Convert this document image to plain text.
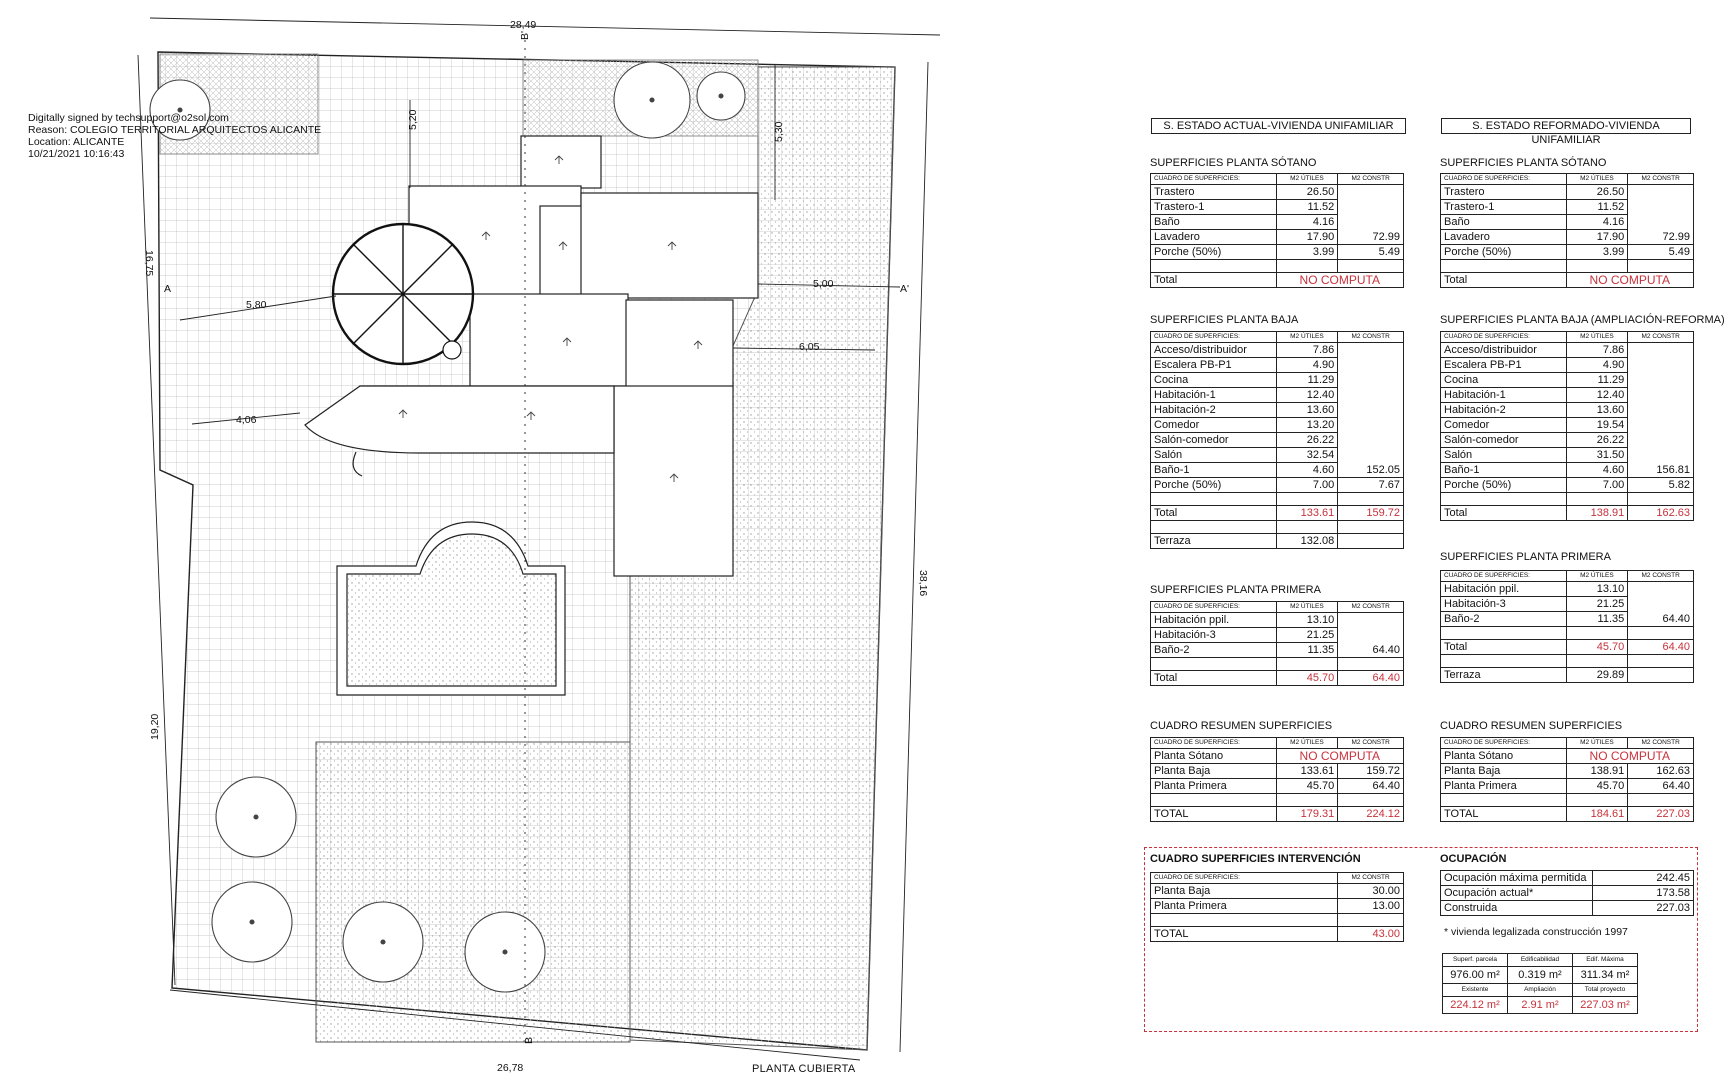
28,49
26,78
16,75
19,20
38,16
5,20
5,30
5,80
5,00
6,05
4,06
A	A'
B'
B
Digitally signed by techsupport@o2sol.com
Reason: COLEGIO TERRITORIAL ARQUITECTOS ALICANTE
Location: ALICANTE
10/21/2021 10:16:43
PLANTA CUBIERTA
S. ESTADO ACTUAL-VIVIENDA UNIFAMILIAR
SUPERFICIES PLANTA SÓTANO
CUADRO DE SUPERFICIES:	M2 ÚTILES	M2 CONSTR
Trastero	26.50	
Trastero-1	11.52	
Baño	4.16	
Lavadero	17.90	72.99
Porche (50%)	3.99	5.49

Total	NO COMPUTA	
SUPERFICIES PLANTA BAJA
CUADRO DE SUPERFICIES:	M2 ÚTILES	M2 CONSTR
Acceso/distribuidor	7.86	
Escalera PB-P1	4.90	
Cocina	11.29	
Habitación-1	12.40	
Habitación-2	13.60	
Comedor	13.20	
Salón-comedor	26.22	
Salón	32.54	
Baño-1	4.60	152.05
Porche (50%)	7.00	7.67

Total	133.61	159.72

Terraza	132.08	
SUPERFICIES PLANTA PRIMERA
CUADRO DE SUPERFICIES:	M2 ÚTILES	M2 CONSTR
Habitación ppil.	13.10	
Habitación-3	21.25	
Baño-2	11.35	64.40

Total	45.70	64.40
CUADRO RESUMEN SUPERFICIES
CUADRO DE SUPERFICIES:	M2 ÚTILES	M2 CONSTR
Planta Sótano	NO COMPUTA	
Planta Baja	133.61	159.72
Planta Primera	45.70	64.40

TOTAL	179.31	224.12
CUADRO SUPERFICIES INTERVENCIÓN
CUADRO DE SUPERFICIES:	M2 CONSTR
Planta Baja	30.00
Planta Primera	13.00

TOTAL	43.00
S. ESTADO REFORMADO-VIVIENDA UNIFAMILIAR
SUPERFICIES PLANTA SÓTANO
CUADRO DE SUPERFICIES:	M2 ÚTILES	M2 CONSTR
Trastero	26.50	
Trastero-1	11.52	
Baño	4.16	
Lavadero	17.90	72.99
Porche (50%)	3.99	5.49

Total	NO COMPUTA	
SUPERFICIES PLANTA BAJA (AMPLIACIÓN-REFORMA)
CUADRO DE SUPERFICIES:	M2 ÚTILES	M2 CONSTR
Acceso/distribuidor	7.86	
Escalera PB-P1	4.90	
Cocina	11.29	
Habitación-1	12.40	
Habitación-2	13.60	
Comedor	19.54	
Salón-comedor	26.22	
Salón	31.50	
Baño-1	4.60	156.81
Porche (50%)	7.00	5.82

Total	138.91	162.63
SUPERFICIES PLANTA PRIMERA
CUADRO DE SUPERFICIES:	M2 ÚTILES	M2 CONSTR
Habitación ppil.	13.10	
Habitación-3	21.25	
Baño-2	11.35	64.40

Total	45.70	64.40

Terraza	29.89	
CUADRO RESUMEN SUPERFICIES
CUADRO DE SUPERFICIES:	M2 ÚTILES	M2 CONSTR
Planta Sótano	NO COMPUTA	
Planta Baja	138.91	162.63
Planta Primera	45.70	64.40

TOTAL	184.61	227.03
OCUPACIÓN
Ocupación máxima permitida	242.45
Ocupación actual*	173.58
Construida	227.03
* vivienda legalizada construcción 1997
Superf. parcela	Edificabilidad	Edif. Máxima
976.00 m²	0.319 m²	311.34 m²
Existente	Ampliación	Total proyecto
224.12 m²	2.91 m²	227.03 m²
